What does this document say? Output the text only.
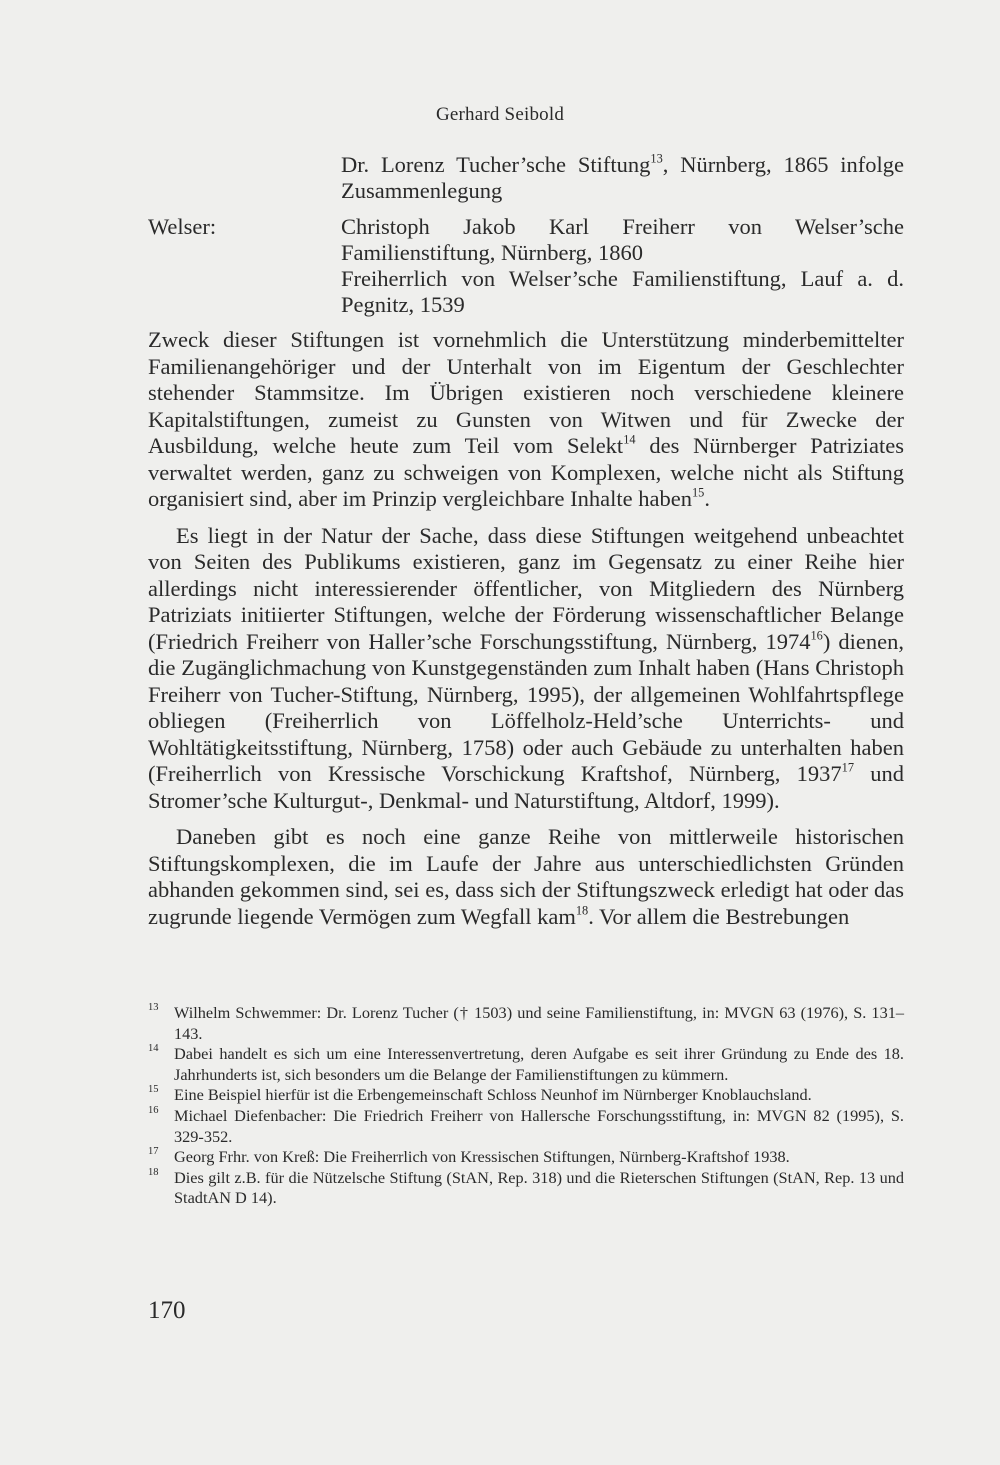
Gerhard Seibold
Dr. Lorenz Tucher’sche Stiftung$^{13}$, Nürnberg, 1865 infolge Zusammenlegung
Welser:	Christoph Jakob Karl Freiherr von Welser’sche Familienstiftung, Nürnberg, 1860
Freiherrlich von Welser’sche Familienstiftung, Lauf a. d. Pegnitz, 1539

Zweck dieser Stiftungen ist vornehmlich die Unterstützung minderbemittelter Familienangehöriger und der Unterhalt von im Eigentum der Geschlechter stehender Stammsitze. Im Übrigen existieren noch verschiedene kleinere Kapitalstiftungen, zumeist zu Gunsten von Witwen und für Zwecke der Ausbildung, welche heute zum Teil vom Selekt$^{14}$ des Nürnberger Patriziates verwaltet werden, ganz zu schweigen von Komplexen, welche nicht als Stiftung organisiert sind, aber im Prinzip vergleichbare Inhalte haben$^{15}$.

Es liegt in der Natur der Sache, dass diese Stiftungen weitgehend unbeachtet von Seiten des Publikums existieren, ganz im Gegensatz zu einer Reihe hier allerdings nicht interessierender öffentlicher, von Mitgliedern des Nürnberg Patriziats initiierter Stiftungen, welche der Förderung wissenschaftlicher Belange (Friedrich Freiherr von Haller’sche Forschungsstiftung, Nürnberg, 1974$^{16}$) dienen, die Zugänglichmachung von Kunstgegenständen zum Inhalt haben (Hans Christoph Freiherr von Tucher-Stiftung, Nürnberg, 1995), der allgemeinen Wohlfahrtspflege obliegen (Freiherrlich von Löffelholz-Held’sche Unterrichts- und Wohltätigkeitsstiftung, Nürnberg, 1758) oder auch Gebäude zu unterhalten haben (Freiherrlich von Kressische Vorschickung Kraftshof, Nürnberg, 1937$^{17}$ und Stromer’sche Kulturgut-, Denkmal- und Naturstiftung, Altdorf, 1999).

Daneben gibt es noch eine ganze Reihe von mittlerweile historischen Stiftungskomplexen, die im Laufe der Jahre aus unterschiedlichsten Gründen abhanden gekommen sind, sei es, dass sich der Stiftungszweck erledigt hat oder das zugrunde liegende Vermögen zum Wegfall kam$^{18}$. Vor allem die Bestrebungen

13 Wilhelm Schwemmer: Dr. Lorenz Tucher († 1503) und seine Familienstiftung, in: MVGN 63 (1976), S. 131–143.
14 Dabei handelt es sich um eine Interessenvertretung, deren Aufgabe es seit ihrer Gründung zu Ende des 18. Jahrhunderts ist, sich besonders um die Belange der Familienstiftungen zu kümmern.
15 Eine Beispiel hierfür ist die Erbengemeinschaft Schloss Neunhof im Nürnberger Knoblauchsland.
16 Michael Diefenbacher: Die Friedrich Freiherr von Hallersche Forschungsstiftung, in: MVGN 82 (1995), S. 329-352.
17 Georg Frhr. von Kreß: Die Freiherrlich von Kressischen Stiftungen, Nürnberg-Kraftshof 1938.
18 Dies gilt z.B. für die Nützelsche Stiftung (StAN, Rep. 318) und die Rieterschen Stiftungen (StAN, Rep. 13 und StadtAN D 14).
170
